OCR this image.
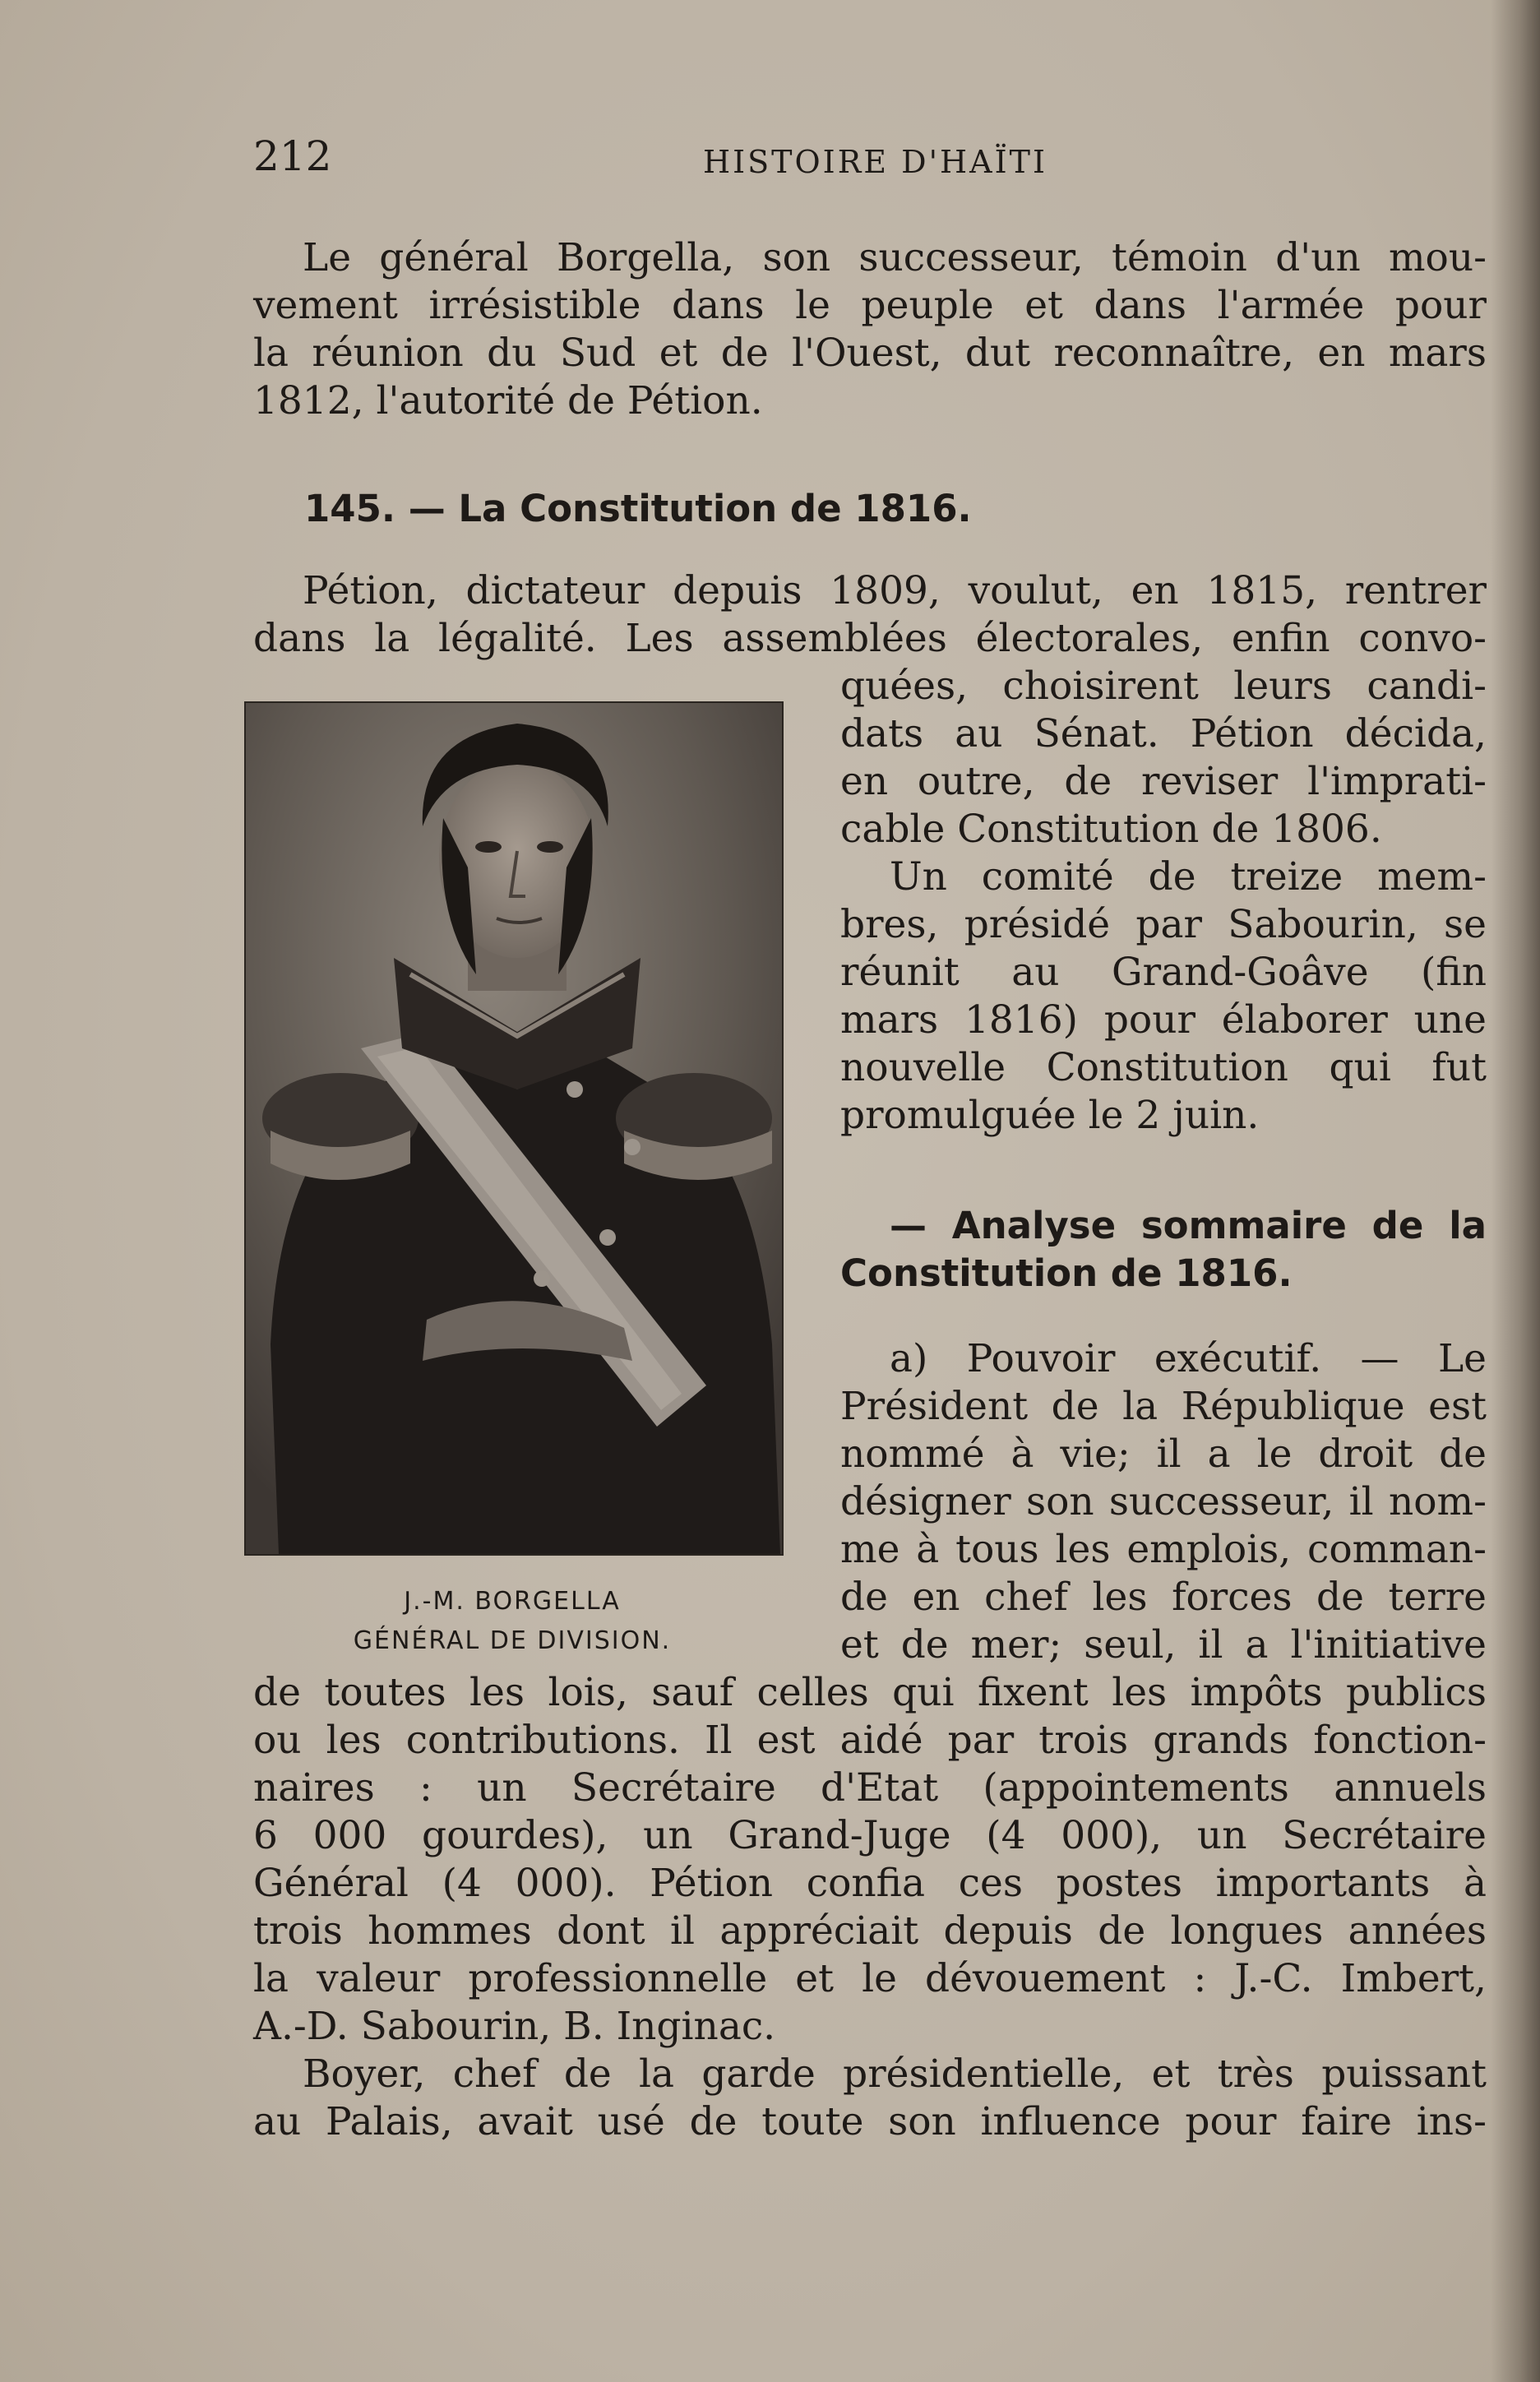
212	HISTOIRE D'HAÏTI
Le général Borgella, son successeur, témoin d'un mou-
vement irrésistible dans le peuple et dans l'armée pour
la réunion du Sud et de l'Ouest, dut reconnaître, en mars
1812, l'autorité de Pétion.
145. — La Constitution de 1816.
Pétion, dictateur depuis 1809, voulut, en 1815, rentrer
dans la légalité. Les assemblées électorales, enfin convo-
quées, choisirent leurs candi-
dats au Sénat. Pétion décida,
en outre, de reviser l'imprati-
cable Constitution de 1806.
Un comité de treize mem-
bres, présidé par Sabourin, se
réunit au Grand-Goâve (fin
mars 1816) pour élaborer une
nouvelle Constitution qui fut
promulguée le 2 juin.
— Analyse sommaire de la
Constitution de 1816.
a) Pouvoir exécutif. — Le
Président de la République est
nommé à vie; il a le droit de
désigner son successeur, il nom-
me à tous les emplois, comman-
de en chef les forces de terre
et de mer; seul, il a l'initiative
J.-M. BORGELLA
GÉNÉRAL DE DIVISION.
de toutes les lois, sauf celles qui fixent les impôts publics
ou les contributions. Il est aidé par trois grands fonction-
naires : un Secrétaire d'Etat (appointements annuels
6 000 gourdes), un Grand-Juge (4 000), un Secrétaire
Général (4 000). Pétion confia ces postes importants à
trois hommes dont il appréciait depuis de longues années
la valeur professionnelle et le dévouement : J.-C. Imbert,
A.-D. Sabourin, B. Inginac.
Boyer, chef de la garde présidentielle, et très puissant
au Palais, avait usé de toute son influence pour faire ins-
